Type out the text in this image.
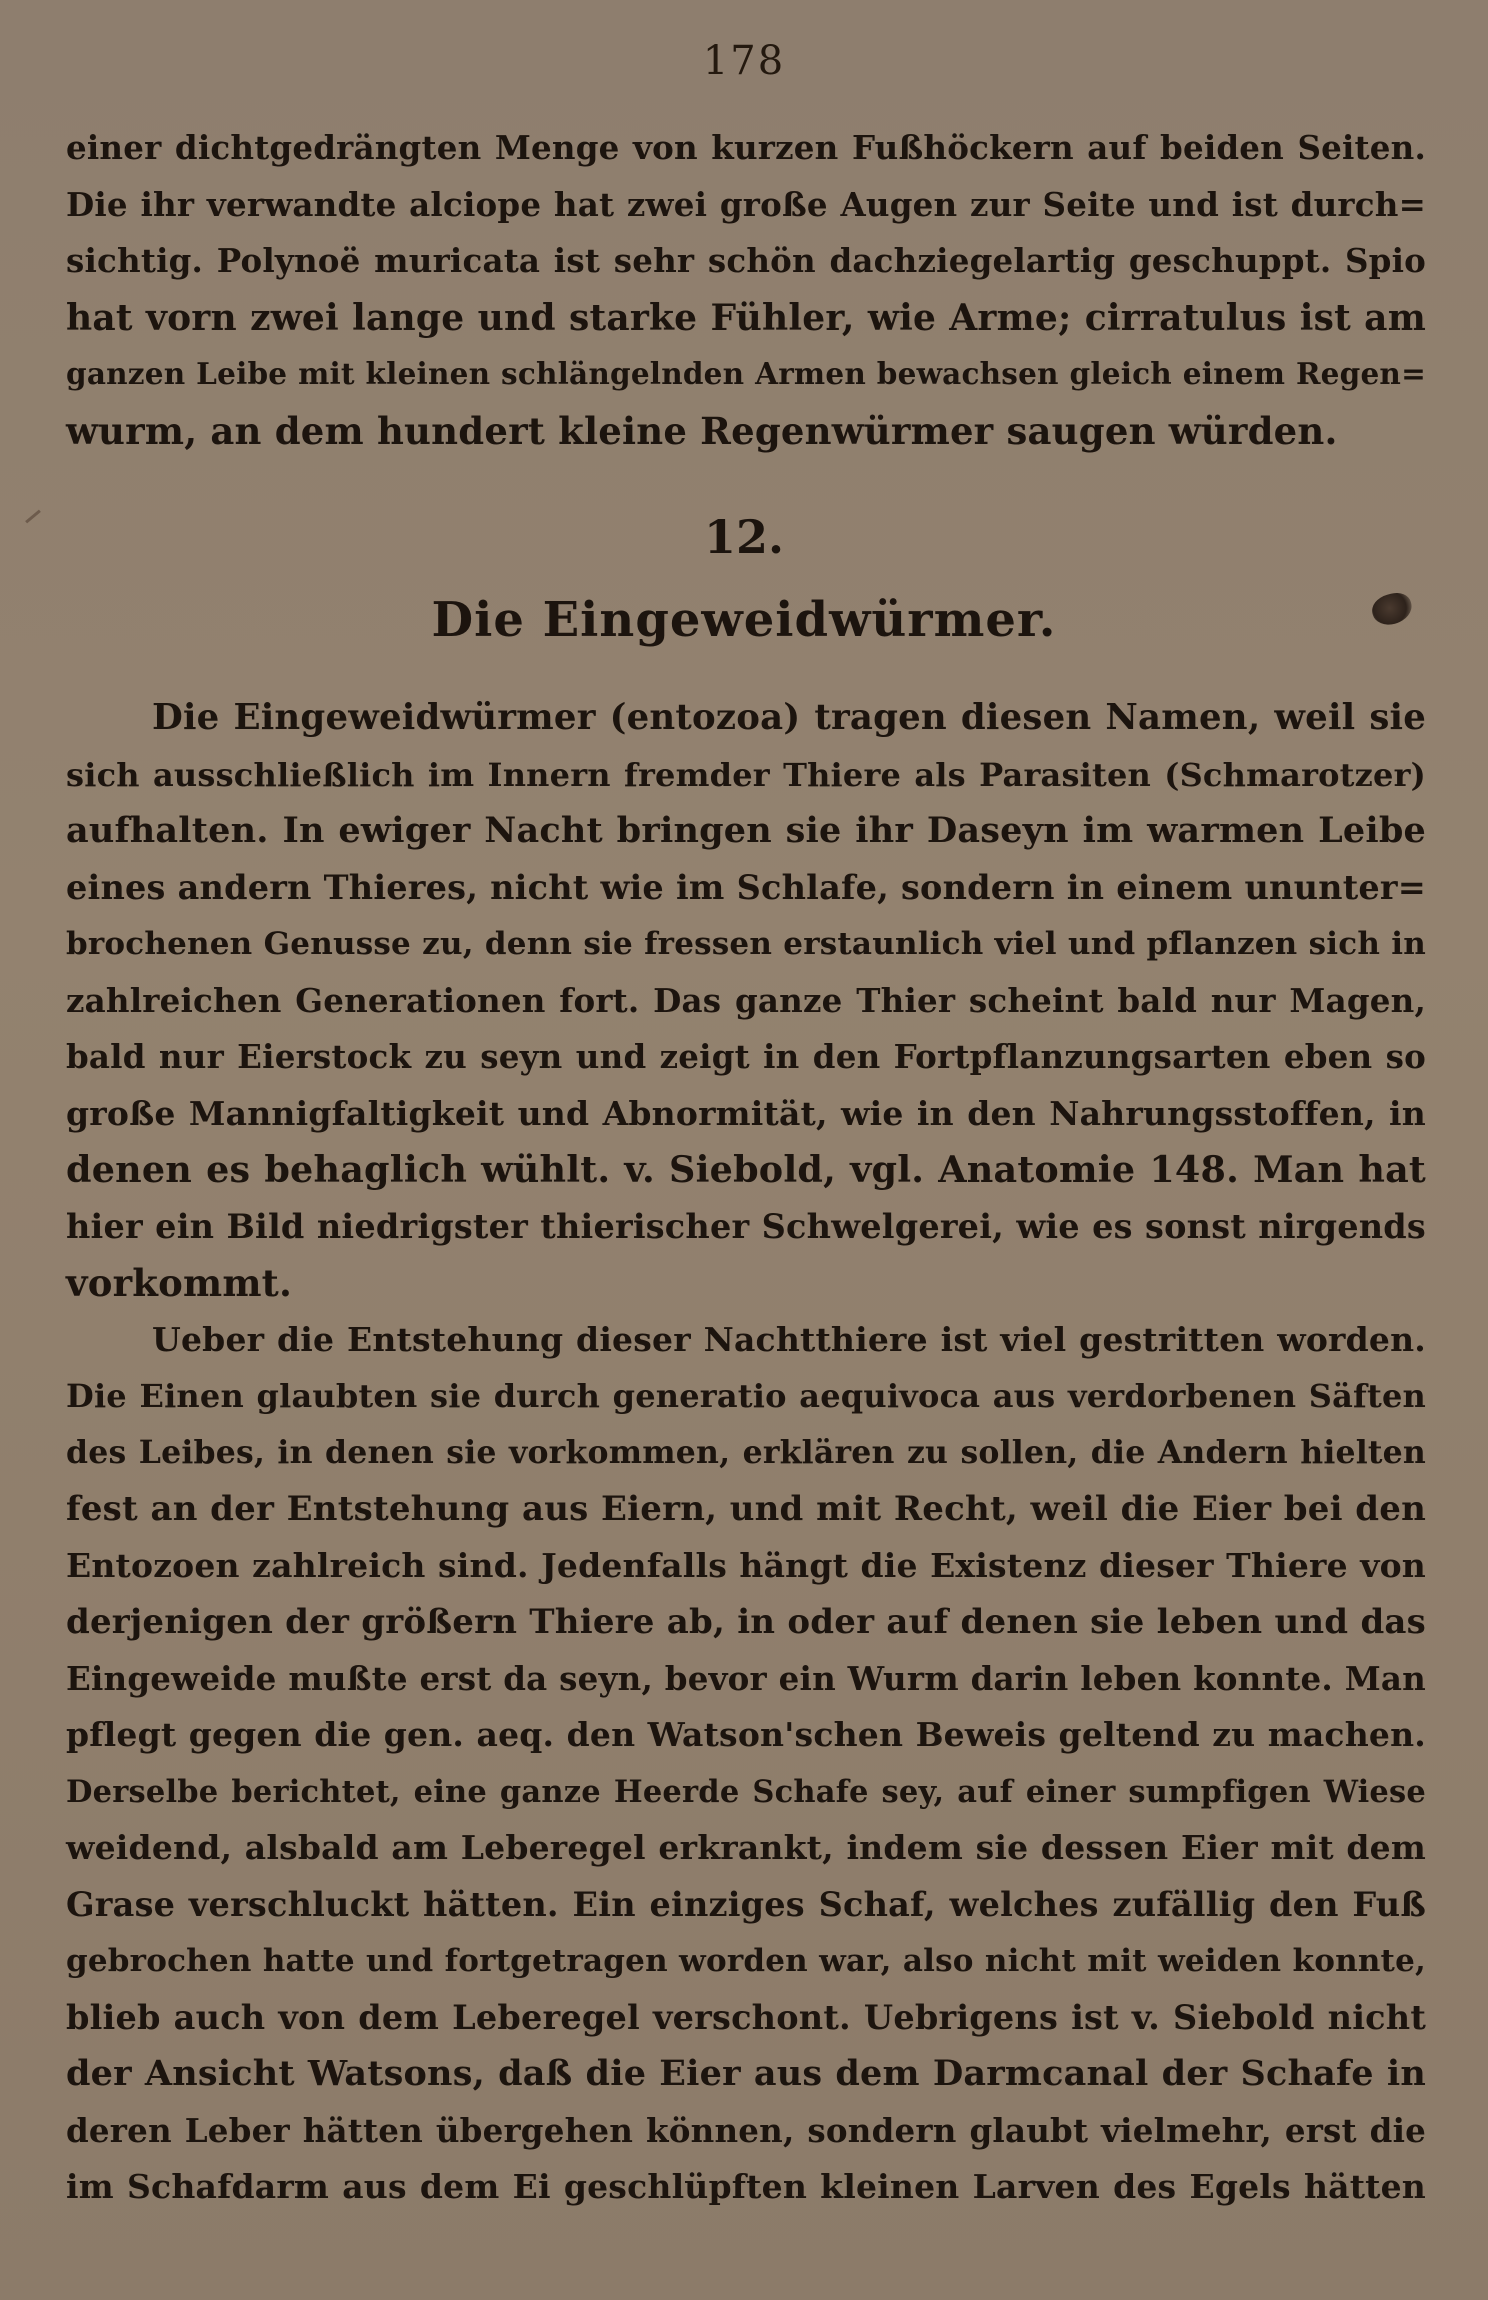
178
einer dichtgedrängten Menge von kurzen Fußhöckern auf beiden Seiten.
Die ihr verwandte alciope hat zwei große Augen zur Seite und ist durch=
sichtig. Polynoë muricata ist sehr schön dachziegelartig geschuppt. Spio
hat vorn zwei lange und starke Fühler, wie Arme; cirratulus ist am
ganzen Leibe mit kleinen schlängelnden Armen bewachsen gleich einem Regen=
wurm, an dem hundert kleine Regenwürmer saugen würden.
12.
Die Eingeweidwürmer.
Die Eingeweidwürmer (entozoa) tragen diesen Namen, weil sie
sich ausschließlich im Innern fremder Thiere als Parasiten (Schmarotzer)
aufhalten. In ewiger Nacht bringen sie ihr Daseyn im warmen Leibe
eines andern Thieres, nicht wie im Schlafe, sondern in einem ununter=
brochenen Genusse zu, denn sie fressen erstaunlich viel und pflanzen sich in
zahlreichen Generationen fort. Das ganze Thier scheint bald nur Magen,
bald nur Eierstock zu seyn und zeigt in den Fortpflanzungsarten eben so
große Mannigfaltigkeit und Abnormität, wie in den Nahrungsstoffen, in
denen es behaglich wühlt. v. Siebold, vgl. Anatomie 148. Man hat
hier ein Bild niedrigster thierischer Schwelgerei, wie es sonst nirgends
vorkommt.
Ueber die Entstehung dieser Nachtthiere ist viel gestritten worden.
Die Einen glaubten sie durch generatio aequivoca aus verdorbenen Säften
des Leibes, in denen sie vorkommen, erklären zu sollen, die Andern hielten
fest an der Entstehung aus Eiern, und mit Recht, weil die Eier bei den
Entozoen zahlreich sind. Jedenfalls hängt die Existenz dieser Thiere von
derjenigen der größern Thiere ab, in oder auf denen sie leben und das
Eingeweide mußte erst da seyn, bevor ein Wurm darin leben konnte. Man
pflegt gegen die gen. aeq. den Watson'schen Beweis geltend zu machen.
Derselbe berichtet, eine ganze Heerde Schafe sey, auf einer sumpfigen Wiese
weidend, alsbald am Leberegel erkrankt, indem sie dessen Eier mit dem
Grase verschluckt hätten. Ein einziges Schaf, welches zufällig den Fuß
gebrochen hatte und fortgetragen worden war, also nicht mit weiden konnte,
blieb auch von dem Leberegel verschont. Uebrigens ist v. Siebold nicht
der Ansicht Watsons, daß die Eier aus dem Darmcanal der Schafe in
deren Leber hätten übergehen können, sondern glaubt vielmehr, erst die
im Schafdarm aus dem Ei geschlüpften kleinen Larven des Egels hätten
